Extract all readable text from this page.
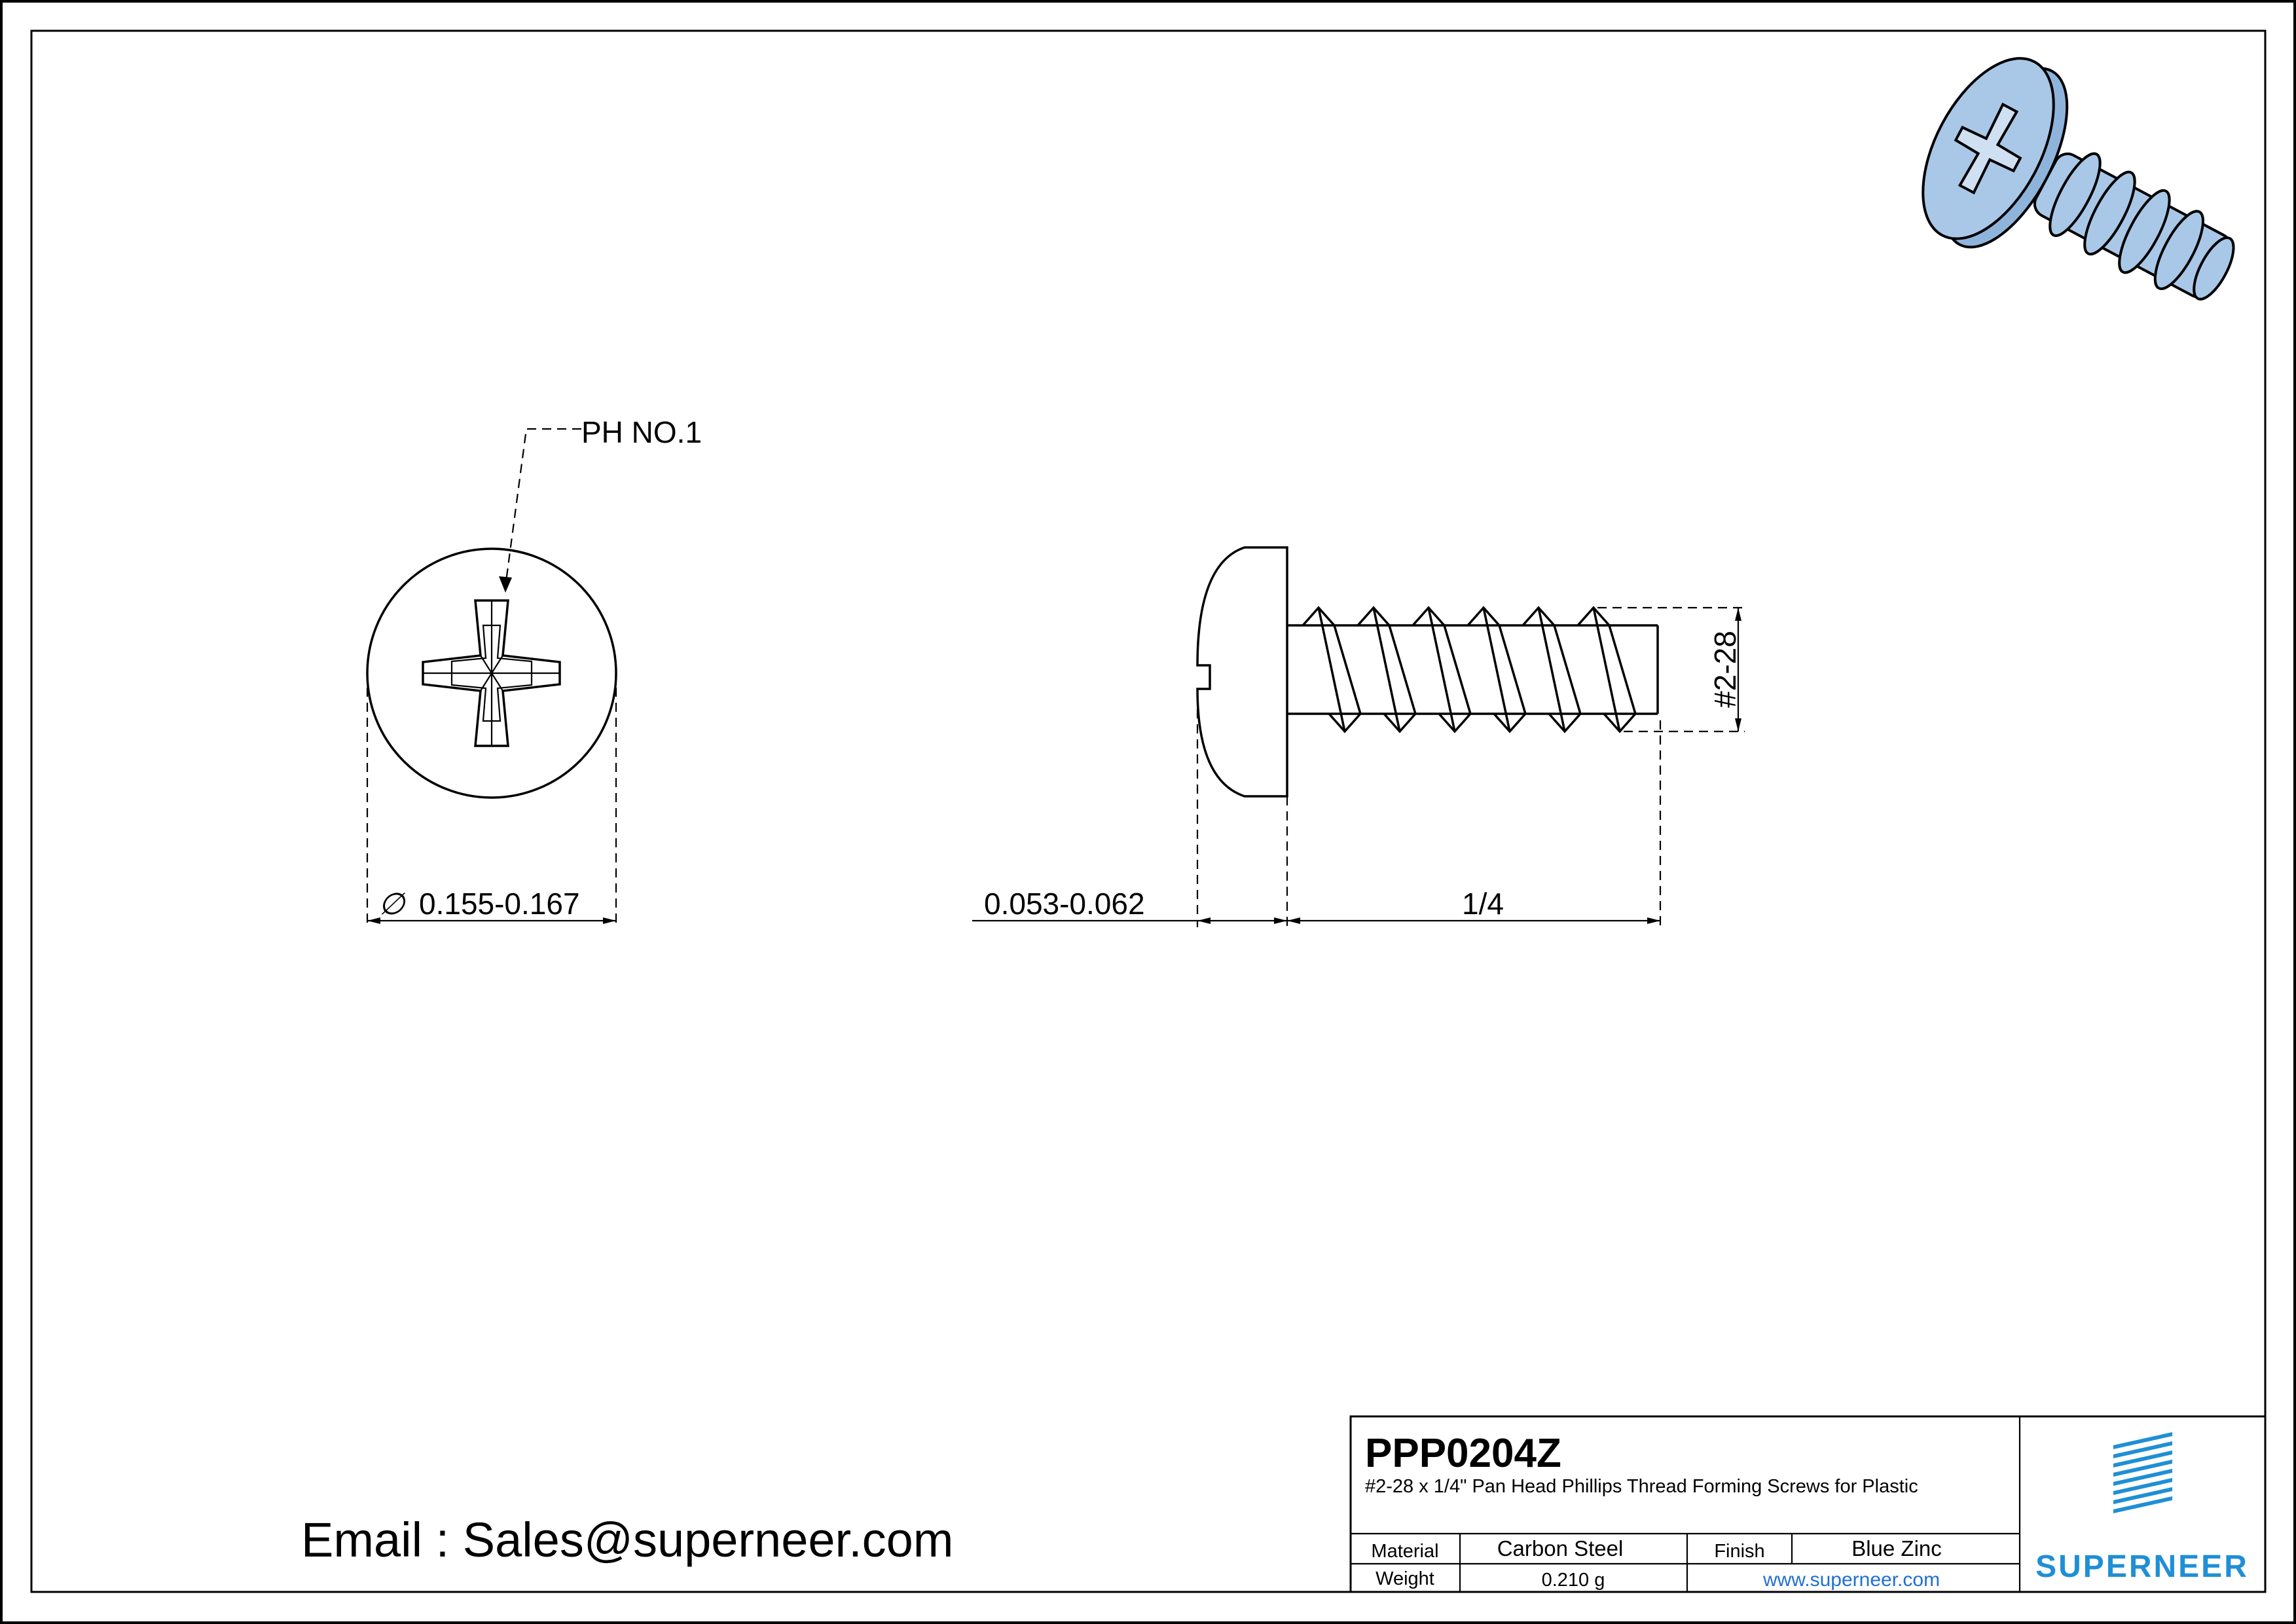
PH NO.1
∅ 0.155-0.167
#2-28
0.053-0.062	1/4
Email : Sales@superneer.com
PPP0204Z
#2-28 x 1/4" Pan Head Phillips Thread Forming Screws for Plastic
Material	Carbon Steel	Finish	Blue Zinc
Weight	0.210 g	www.superneer.com	SUPERNEER
